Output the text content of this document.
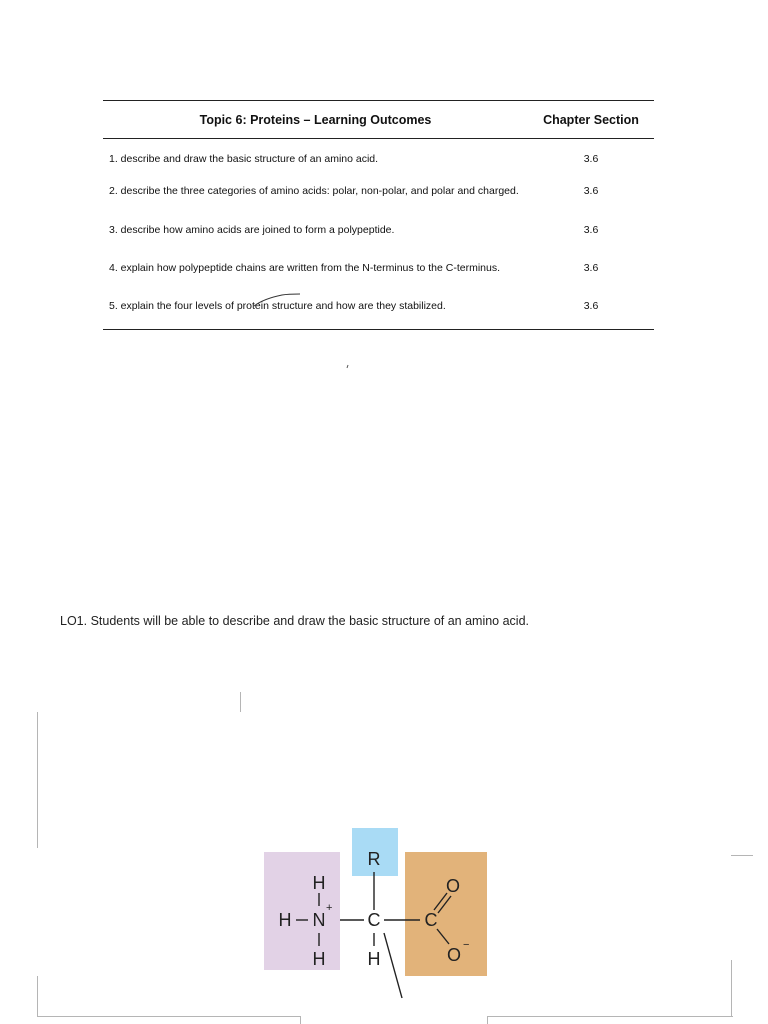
Topic 6: Proteins – Learning Outcomes	Chapter Section
1. describe and draw the basic structure of an amino acid.	3.6
2. describe the three categories of amino acids: polar, non-polar, and polar and charged.	3.6
3. describe how amino acids are joined to form a polypeptide.	3.6
4. explain how polypeptide chains are written from the N-terminus to the C-terminus.	3.6
5. explain the four levels of protein structure and how are they stabilized.	3.6
LO1. Students will be able to describe and draw the basic structure of an amino acid.
R
H
H N
+
H
C
H
C
O
O −
